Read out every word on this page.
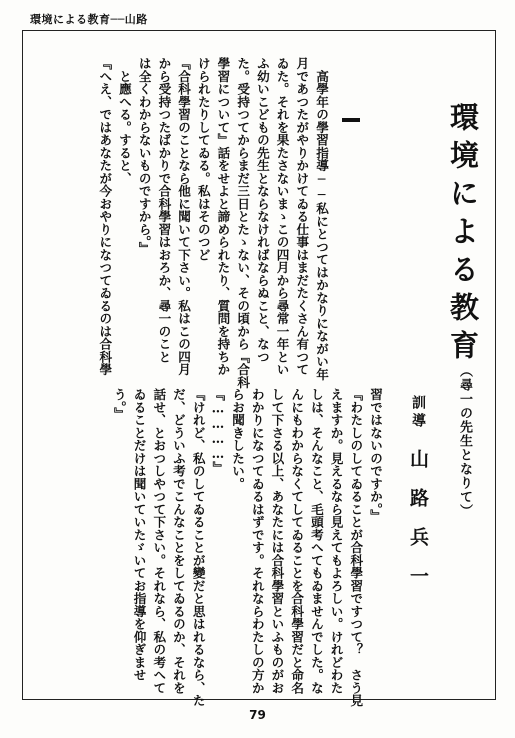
環境による教育──山路
環境による教育
（尋一の先生となりて）
訓導山路兵一

　高學年の學習指導──私にとつてはかなりにながい年

月であつたがやりかけてゐる仕事はまだたくさん有つて

ゐた。それを果たさないまゝこの四月から尋常一年とい

ふ幼いこどもの先生とならなければならぬこと、なつ

た。受持つてからまだ三日とたゝない、その頃から『合科

學習について』話をせよと諦められたり、質問を持ちか

けられたりしてゐる。私はそのつど

『合科學習のことなら他に聞いて下さい。私はこの四月

から受持つたばかりで合科學習はおろか、尋一のこと

は全くわからないものですから。』

　と應へる。すると、

『へえ、ではあなたが今おやりになつてゐるのは合科學

習ではないのですか。』

『わたしのしてゐることが合科學習ですつて？　さう見

えますか。見えるなら見えてもよろしい。けれどわた

しは、そんなこと、毛頭考へてもゐませんでした。な

んにもわからなくてしてゐることを合科學習だと命名

して下さる以上、あなたには合科學習といふものがお

わかりになつてゐるはずです。それならわたしの方か

らお聞きしたい。

『…………』

『けれど、私のしてゐることが變だと思はれるなら、た

だ、どういふ考でこんなことをしてゐるのか、それを

話せ、とおつしやつて下さい。それなら、私の考へて

ゐることだけは聞いていたゞいてお指導を仰ぎませ

う。』

79
